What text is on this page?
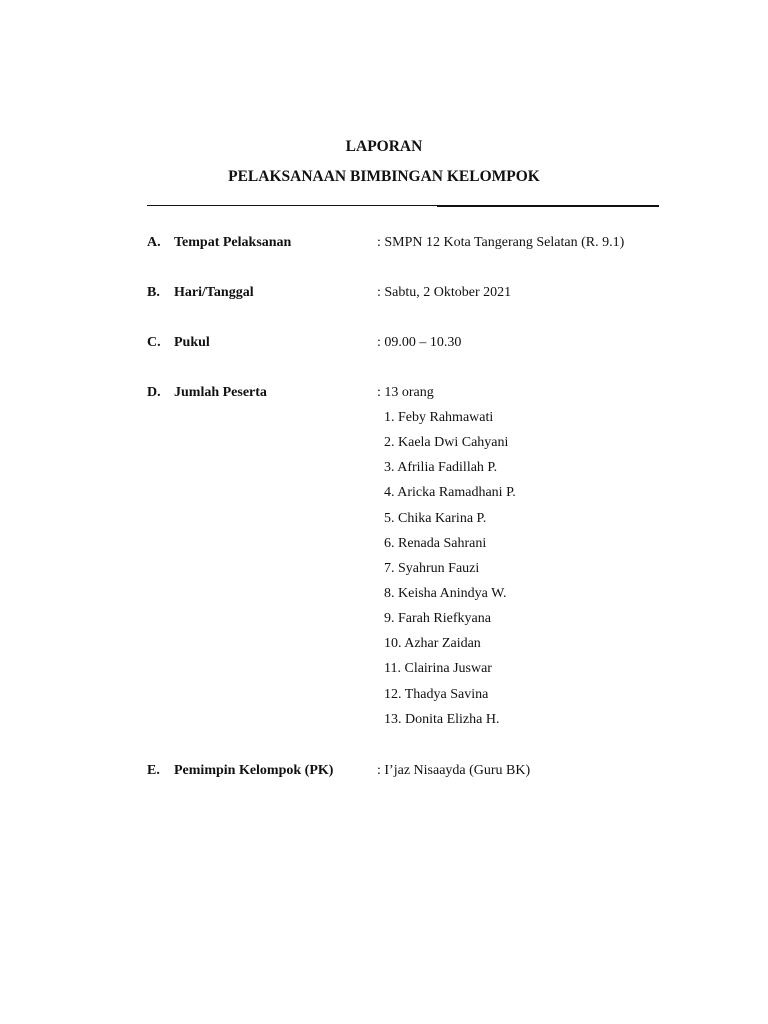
LAPORAN
PELAKSANAAN BIMBINGAN KELOMPOK
A. Tempat Pelaksanan	: SMPN 12 Kota Tangerang Selatan (R. 9.1)
B. Hari/Tanggal	: Sabtu, 2 Oktober 2021
C. Pukul	: 09.00 – 10.30
D. Jumlah Peserta	: 13 orang
1. Feby Rahmawati
2. Kaela Dwi Cahyani
3. Afrilia Fadillah P.
4. Aricka Ramadhani P.
5. Chika Karina P.
6. Renada Sahrani
7. Syahrun Fauzi
8. Keisha Anindya W.
9. Farah Riefkyana
10. Azhar Zaidan
11. Clairina Juswar
12. Thadya Savina
13. Donita Elizha H.
E. Pemimpin Kelompok (PK)	: I’jaz Nisaayda (Guru BK)
